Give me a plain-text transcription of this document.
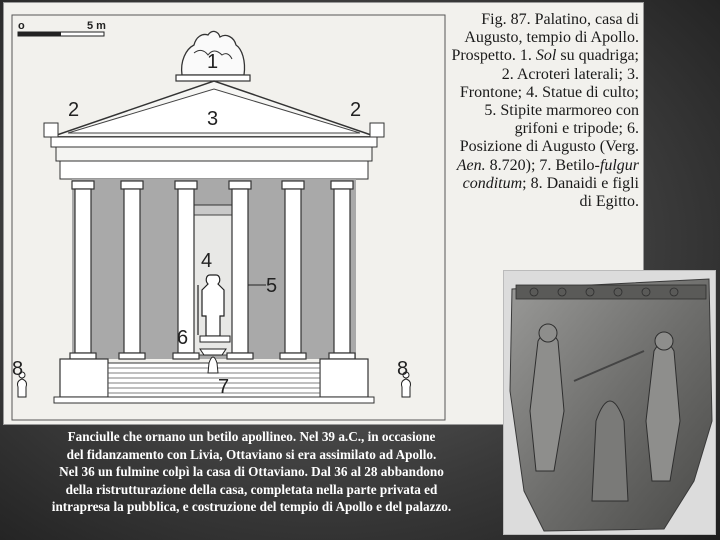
o	5 m
1
2	2
3
4
5
6
7
8	8
Fig. 87. Palatino, casa di Augusto, tempio di Apollo. Prospetto. 1. Sol su quadriga; 2. Acroteri laterali; 3. Frontone; 4. Statue di culto; 5. Stipite marmoreo con grifoni e tripode; 6. Posizione di Augusto (Verg. Aen. 8.720); 7. Betilo-fulgur conditum; 8. Danaidi e figli di Egitto.
Fanciulle che ornano un betilo apollineo. Nel 39 a.C., in occasione
del fidanzamento con Livia, Ottaviano si era assimilato ad Apollo.
Nel 36 un fulmine colpì la casa di Ottaviano. Dal 36 al 28 abbandono
della ristrutturazione della casa, completata nella parte privata ed
intrapresa la pubblica, e costruzione del tempio di Apollo e del palazzo.
